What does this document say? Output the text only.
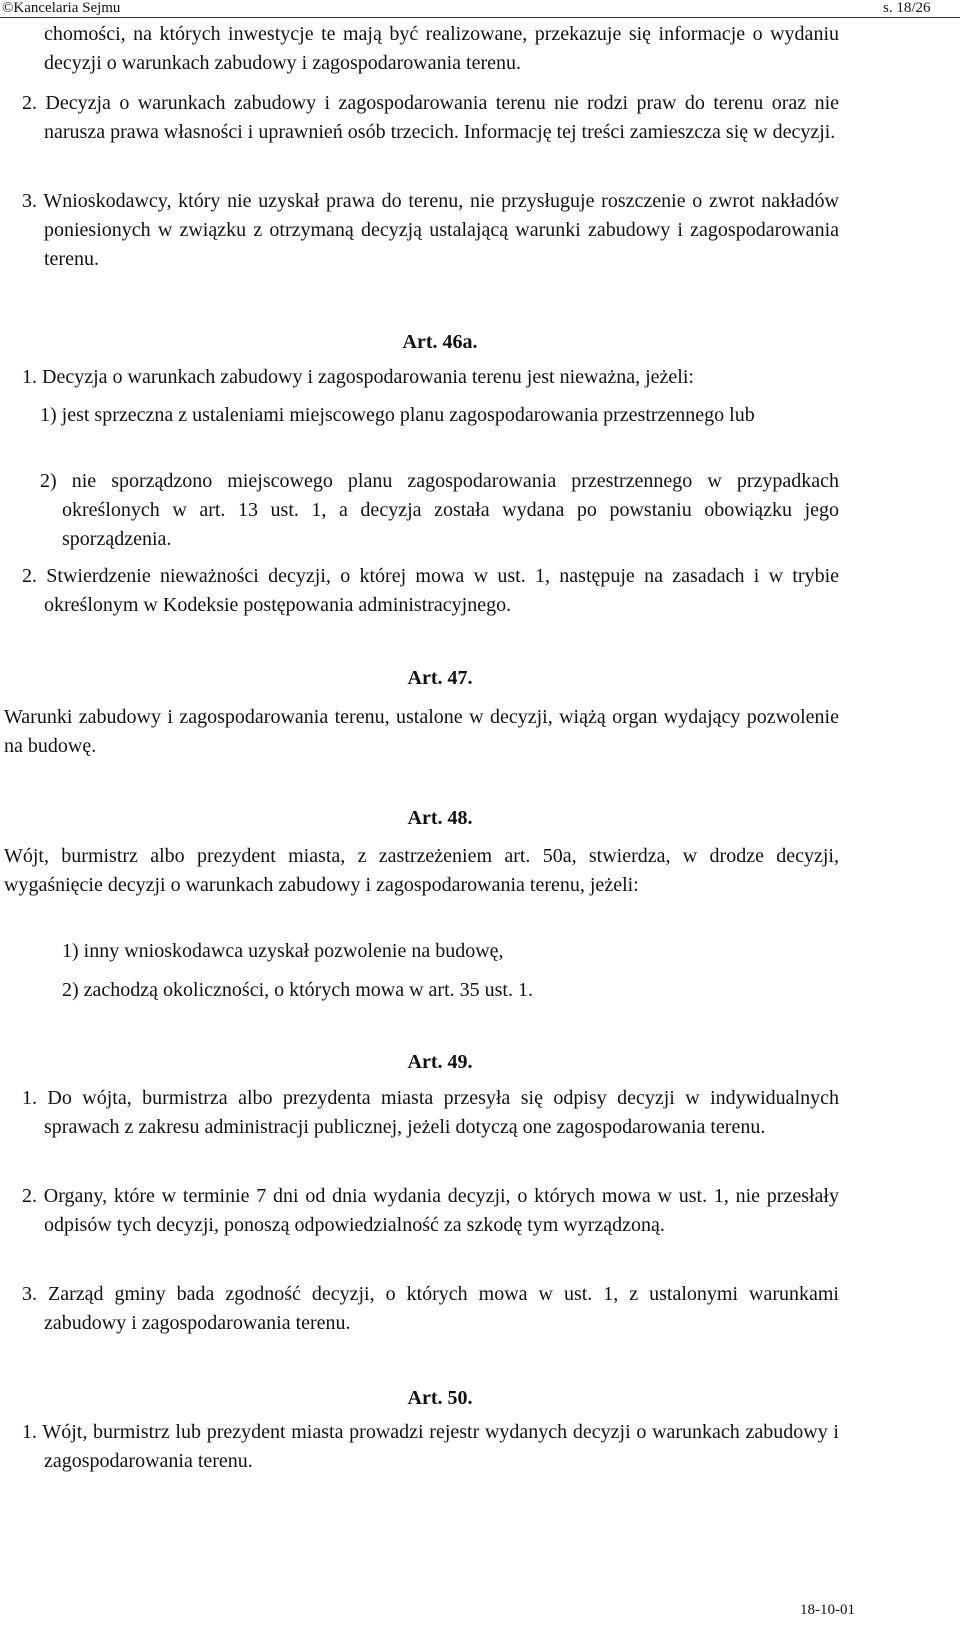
©Kancelaria Sejmu	s. 18/26

chomości, na których inwestycje te mają być realizowane, przekazuje się informacje o wydaniu decyzji o warunkach zabudowy i zagospodarowania terenu.

2. Decyzja o warunkach zabudowy i zagospodarowania terenu nie rodzi praw do terenu oraz nie narusza prawa własności i uprawnień osób trzecich. Informację tej treści zamieszcza się w decyzji.

3. Wnioskodawcy, który nie uzyskał prawa do terenu, nie przysługuje roszczenie o zwrot nakładów poniesionych w związku z otrzymaną decyzją ustalającą warunki zabudowy i zagospodarowania terenu.

Art. 46a.

1. Decyzja o warunkach zabudowy i zagospodarowania terenu jest nieważna, jeżeli:

1) jest sprzeczna z ustaleniami miejscowego planu zagospodarowania przestrzennego lub

2) nie sporządzono miejscowego planu zagospodarowania przestrzennego w przypadkach określonych w art. 13 ust. 1, a decyzja została wydana po powstaniu obowiązku jego sporządzenia.

2. Stwierdzenie nieważności decyzji, o której mowa w ust. 1, następuje na zasadach i w trybie określonym w Kodeksie postępowania administracyjnego.

Art. 47.

Warunki zabudowy i zagospodarowania terenu, ustalone w decyzji, wiążą organ wydający pozwolenie na budowę.

Art. 48.

Wójt, burmistrz albo prezydent miasta, z zastrzeżeniem art. 50a, stwierdza, w drodze decyzji, wygaśnięcie decyzji o warunkach zabudowy i zagospodarowania terenu, jeżeli:

1) inny wnioskodawca uzyskał pozwolenie na budowę,

2) zachodzą okoliczności, o których mowa w art. 35 ust. 1.

Art. 49.

1. Do wójta, burmistrza albo prezydenta miasta przesyła się odpisy decyzji w indywidualnych sprawach z zakresu administracji publicznej, jeżeli dotyczą one zagospodarowania terenu.

2. Organy, które w terminie 7 dni od dnia wydania decyzji, o których mowa w ust. 1, nie przesłały odpisów tych decyzji, ponoszą odpowiedzialność za szkodę tym wyrządzoną.

3. Zarząd gminy bada zgodność decyzji, o których mowa w ust. 1, z ustalonymi warunkami zabudowy i zagospodarowania terenu.

Art. 50.

1. Wójt, burmistrz lub prezydent miasta prowadzi rejestr wydanych decyzji o warunkach zabudowy i zagospodarowania terenu.

18-10-01
